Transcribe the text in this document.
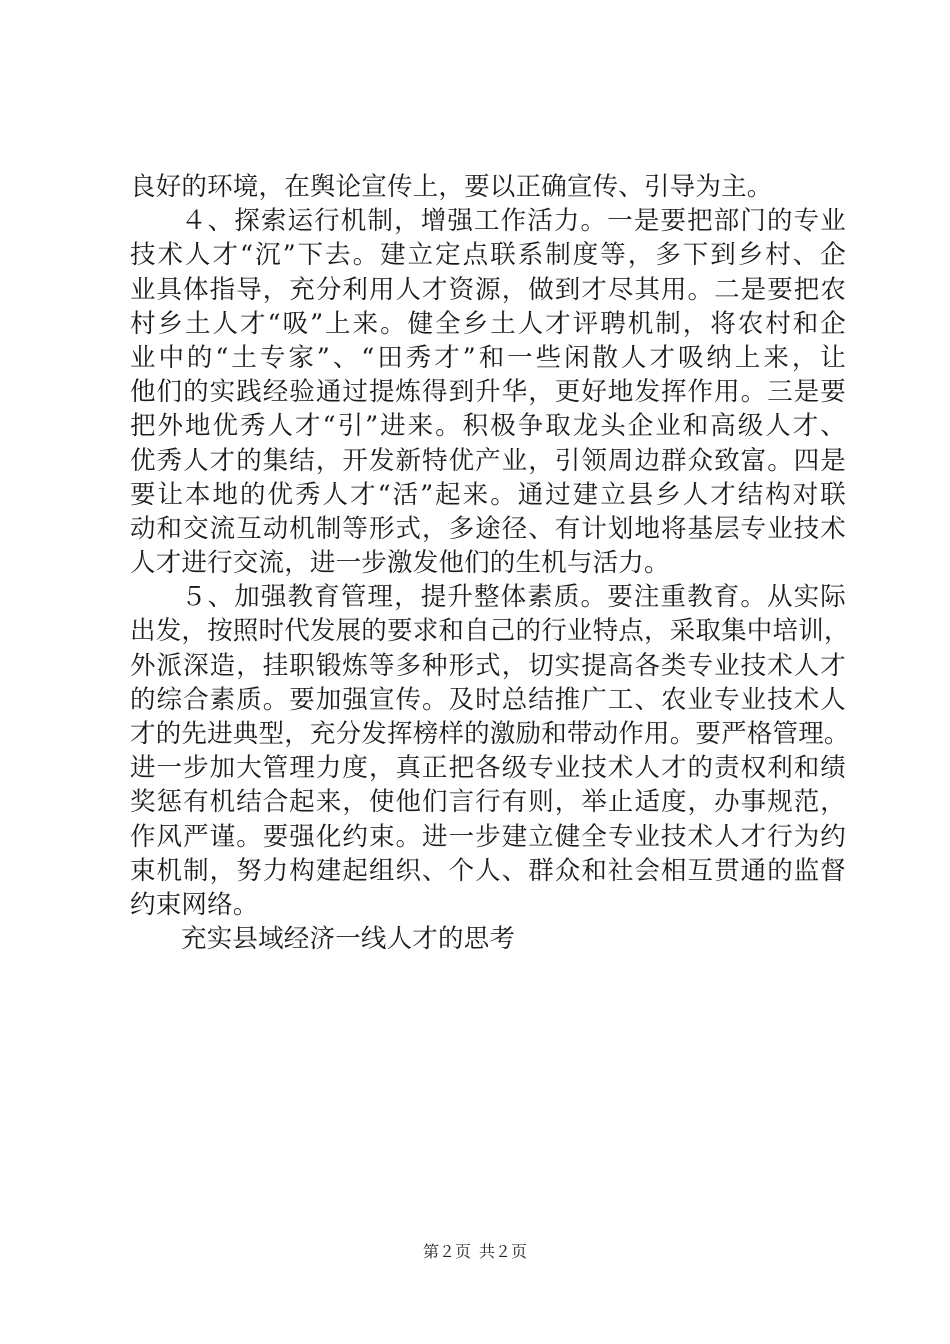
良好的环境，在舆论宣传上，要以正确宣传、引导为主。
４、探索运行机制，增强工作活力。一是要把部门的专业
技术人才“沉”下去。建立定点联系制度等，多下到乡村、企
业具体指导，充分利用人才资源，做到才尽其用。二是要把农
村乡土人才“吸”上来。健全乡土人才评聘机制，将农村和企
业中的“土专家”、“田秀才”和一些闲散人才吸纳上来，让
他们的实践经验通过提炼得到升华，更好地发挥作用。三是要
把外地优秀人才“引”进来。积极争取龙头企业和高级人才、
优秀人才的集结，开发新特优产业，引领周边群众致富。四是
要让本地的优秀人才“活”起来。通过建立县乡人才结构对联
动和交流互动机制等形式，多途径、有计划地将基层专业技术
人才进行交流，进一步激发他们的生机与活力。
５、加强教育管理，提升整体素质。要注重教育。从实际
出发，按照时代发展的要求和自己的行业特点，采取集中培训，
外派深造，挂职锻炼等多种形式，切实提高各类专业技术人才
的综合素质。要加强宣传。及时总结推广工、农业专业技术人
才的先进典型，充分发挥榜样的激励和带动作用。要严格管理。
进一步加大管理力度，真正把各级专业技术人才的责权利和绩
奖惩有机结合起来，使他们言行有则，举止适度，办事规范，
作风严谨。要强化约束。进一步建立健全专业技术人才行为约
束机制，努力构建起组织、个人、群众和社会相互贯通的监督
约束网络。
充实县域经济一线人才的思考
第２页 共２页
